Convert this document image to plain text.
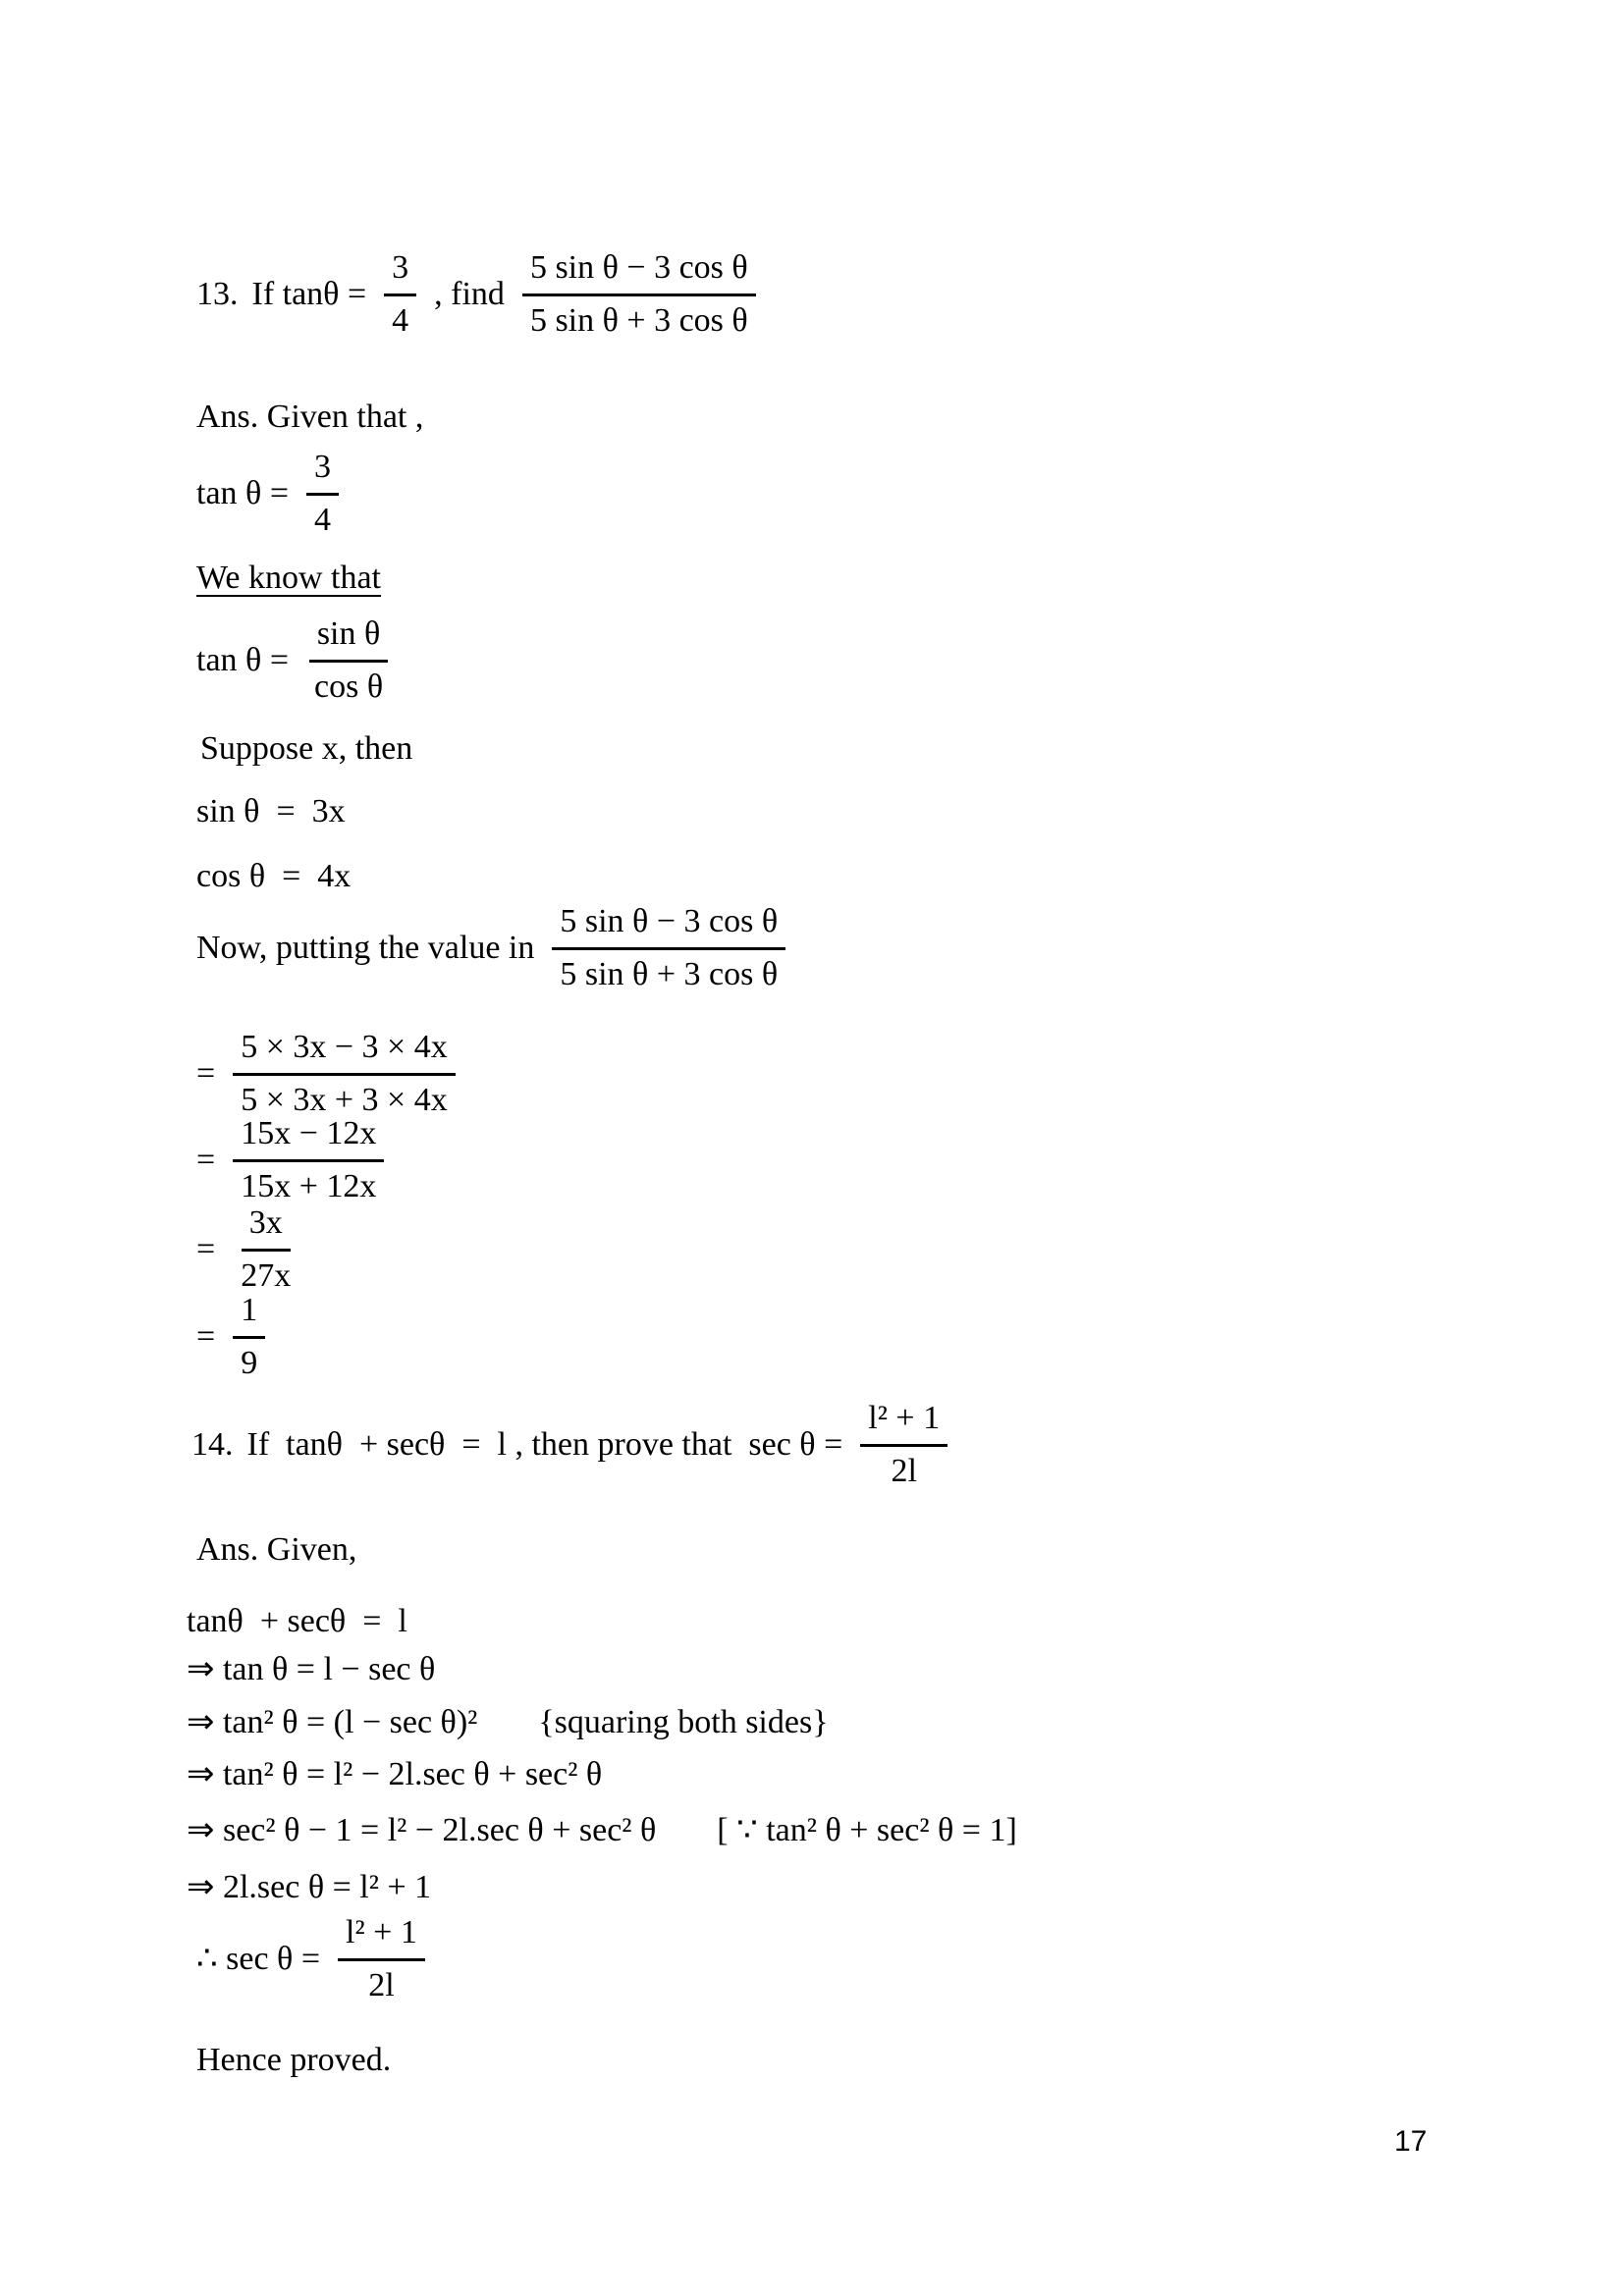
13. If $\tan\theta = \frac{3}{4}$ , find $\frac{\text{5 sin θ − 3 cos θ}}{\text{5 sin θ + 3 cos θ}}$
Ans. Given that ,
$\tan \theta = \frac{3}{4}$
We know that
$\tan \theta = \frac{\text{sin θ}}{\text{cos θ}}$
Suppose x, then
sin θ  =  3x
cos θ  =  4x
Now, putting the value in $\frac{\text{5 sin θ − 3 cos θ}}{\text{5 sin θ + 3 cos θ}}$
= $\frac{5 \times 3x - 3 \times 4x}{5 \times 3x + 3 \times 4x}$
= $\frac{15x - 12x}{15x + 12x}$
= $\frac{3x}{27x}$
= $\frac{1}{9}$
14. If  tanθ  + secθ  =  l , then prove that  $\sec \theta = \frac{\text{l² + 1}}{2l}$
Ans. Given,
tanθ  + secθ  =  l
⇒ tan θ = l − sec θ
⇒ tan² θ = (l − sec θ)² {squaring both sides}
⇒ tan² θ = l² − 2l.sec θ + sec² θ
⇒ sec² θ − 1 = l² − 2l.sec θ + sec² θ [ ∵ tan² θ + sec² θ = 1]
⇒ 2l.sec θ = l² + 1
∴ $\sec \theta = \frac{\text{l² + 1}}{2l}$
Hence proved.
17
